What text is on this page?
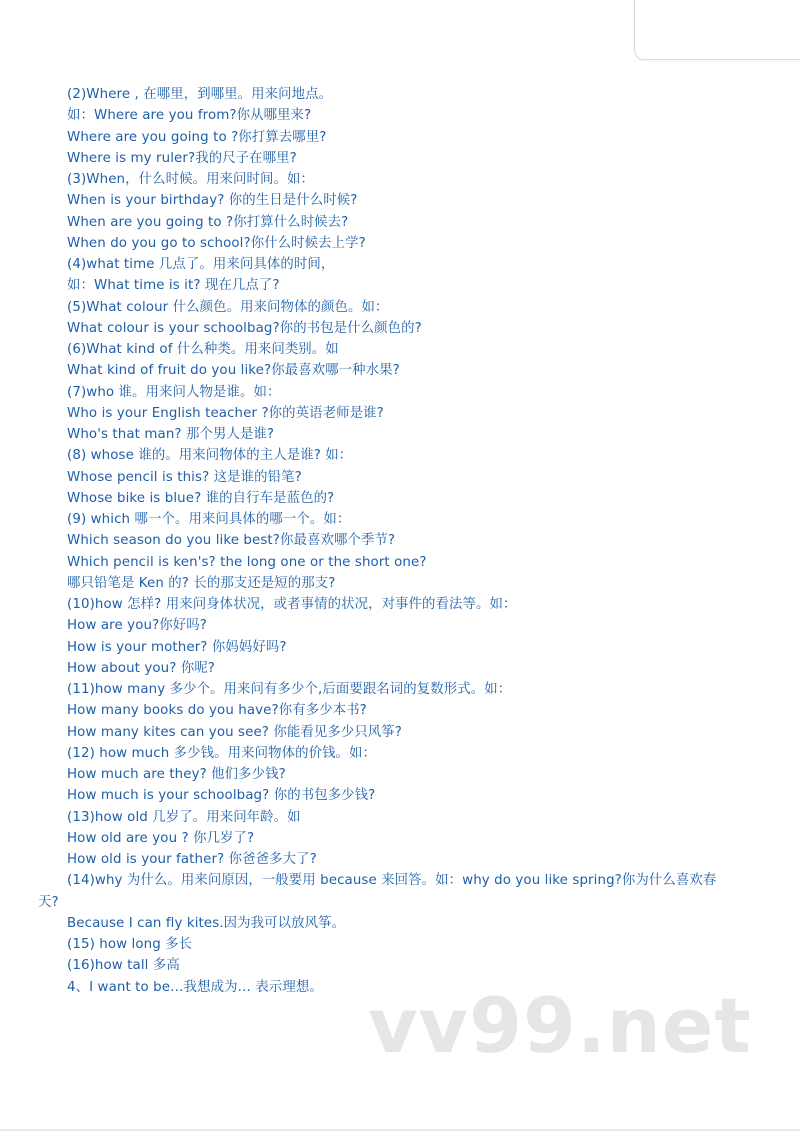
(2)Where , 在哪里，到哪里。用来问地点。
如：Where are you from?你从哪里来?
Where are you going to ?你打算去哪里?
Where is my ruler?我的尺子在哪里?
(3)When，什么时候。用来问时间。如：
When is your birthday? 你的生日是什么时候?
When are you going to ?你打算什么时候去?
When do you go to school?你什么时候去上学?
(4)what time 几点了。用来问具体的时间，
如：What time is it? 现在几点了?
(5)What colour 什么颜色。用来问物体的颜色。如：
What colour is your schoolbag?你的书包是什么颜色的?
(6)What kind of 什么种类。用来问类别。如
What kind of fruit do you like?你最喜欢哪一种水果?
(7)who 谁。用来问人物是谁。如：
Who is your English teacher ?你的英语老师是谁?
Who's that man? 那个男人是谁?
(8) whose 谁的。用来问物体的主人是谁? 如：
Whose pencil is this? 这是谁的铅笔?
Whose bike is blue? 谁的自行车是蓝色的?
(9) which 哪一个。用来问具体的哪一个。如：
Which season do you like best?你最喜欢哪个季节?
Which pencil is ken's? the long one or the short one?
哪只铅笔是 Ken 的? 长的那支还是短的那支?
(10)how 怎样? 用来问身体状况，或者事情的状况，对事件的看法等。如：
How are you?你好吗?
How is your mother? 你妈妈好吗?
How about you? 你呢?
(11)how many 多少个。用来问有多少个,后面要跟名词的复数形式。如：
How many books do you have?你有多少本书?
How many kites can you see? 你能看见多少只风筝?
(12) how much 多少钱。用来问物体的价钱。如：
How much are they? 他们多少钱?
How much is your schoolbag? 你的书包多少钱?
(13)how old 几岁了。用来问年龄。如
How old are you ? 你几岁了?
How old is your father? 你爸爸多大了?
(14)why 为什么。用来问原因，一般要用 because 来回答。如：why do you like spring?你为什么喜欢春
天?
Because I can fly kites.因为我可以放风筝。
(15) how long 多长
(16)how tall 多高
4、I want to be…我想成为… 表示理想。 vv99.net
